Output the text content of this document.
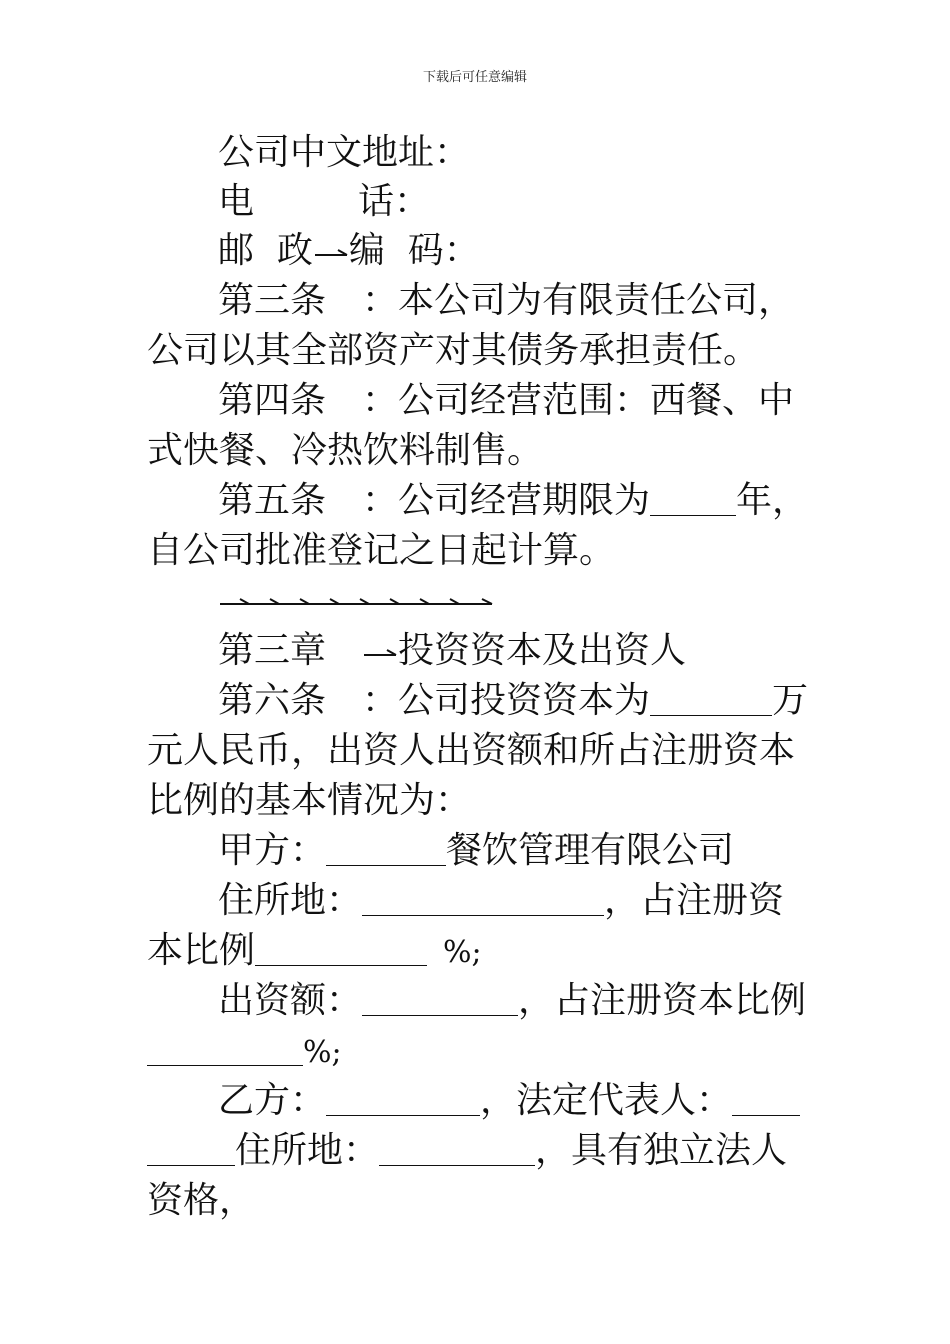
下载后可任意编辑
公司中文地址：
电	话：
邮  政 编  码：
第三条 ：本公司为有限责任公司，
公司以其全部资产对其债务承担责任。
第四条 ：公司经营范围：西餐、中
式快餐、冷热饮料制售。
第五条 ：公司经营期限为 年，
自公司批准登记之日起计算。
第三章 投资资本及出资人
第六条 ：公司投资资本为	万
元人民币，出资人出资额和所占注册资本
比例的基本情况为：
甲方：	餐饮管理有限公司
住所地：	，占注册资
本比例	%;
出资额：	，占注册资本比例
%;
乙方：	，法定代表人：
住所地：	，具有独立法人
资格，
